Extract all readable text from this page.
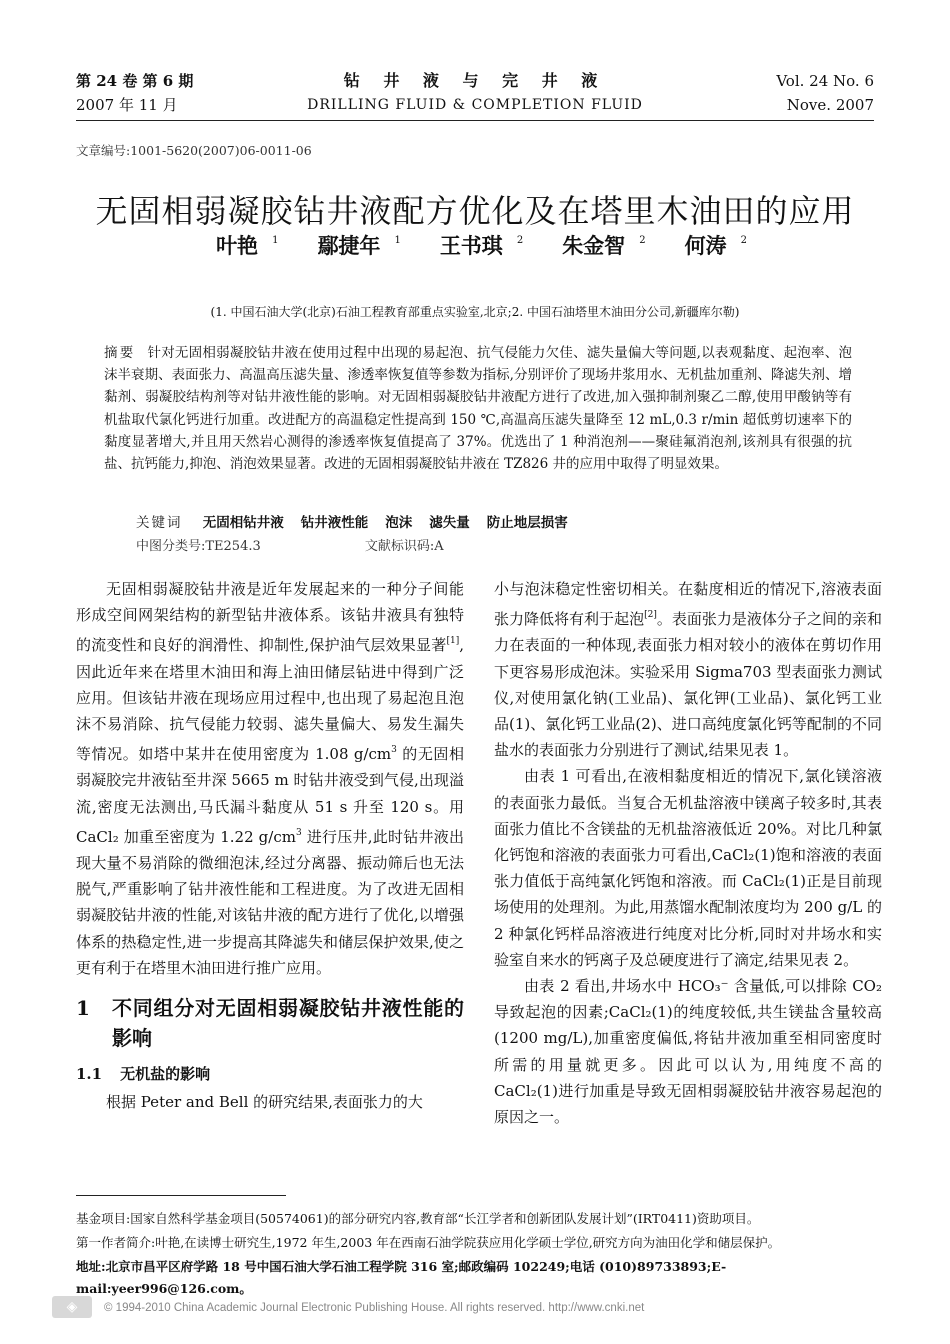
第 24 卷 第 6 期
2007 年 11 月
钻 井 液 与 完 井 液
DRILLING FLUID & COMPLETION FLUID
Vol. 24 No. 6
Nove. 2007
文章编号:1001-5620(2007)06-0011-06
无固相弱凝胶钻井液配方优化及在塔里木油田的应用
叶艳 $^1$ 鄢捷年 $^1$ 王书琪 $^2$ 朱金智 $^2$ 何涛 $^2$
(1. 中国石油大学(北京)石油工程教育部重点实验室,北京;2. 中国石油塔里木油田分公司,新疆库尔勒)
摘要 针对无固相弱凝胶钻井液在使用过程中出现的易起泡、抗气侵能力欠佳、滤失量偏大等问题,以表观黏度、起泡率、泡沫半衰期、表面张力、高温高压滤失量、渗透率恢复值等参数为指标,分别评价了现场井浆用水、无机盐加重剂、降滤失剂、增黏剂、弱凝胶结构剂等对钻井液性能的影响。对无固相弱凝胶钻井液配方进行了改进,加入强抑制剂聚乙二醇,使用甲酸钠等有机盐取代氯化钙进行加重。改进配方的高温稳定性提高到 150 ℃,高温高压滤失量降至 12 mL,0.3 r/min 超低剪切速率下的黏度显著增大,并且用天然岩心测得的渗透率恢复值提高了 37%。优选出了 1 种消泡剂——聚硅氟消泡剂,该剂具有很强的抗盐、抗钙能力,抑泡、消泡效果显著。改进的无固相弱凝胶钻井液在 TZ826 井的应用中取得了明显效果。
关键词 无固相钻井液 钻井液性能 泡沫 滤失量 防止地层损害
中图分类号:TE254.3	文献标识码:A

无固相弱凝胶钻井液是近年发展起来的一种分子间能形成空间网架结构的新型钻井液体系。该钻井液具有独特的流变性和良好的润滑性、抑制性,保护油气层效果显著[1],因此近年来在塔里木油田和海上油田储层钻进中得到广泛应用。但该钻井液在现场应用过程中,也出现了易起泡且泡沫不易消除、抗气侵能力较弱、滤失量偏大、易发生漏失等情况。如塔中某井在使用密度为 1.08 $g/cm^3$ 的无固相弱凝胶完井液钻至井深 5665 m 时钻井液受到气侵,出现溢流,密度无法测出,马氏漏斗黏度从 51 s 升至 120 s。用 CaCl₂ 加重至密度为 1.22 $g/cm^3$ 进行压井,此时钻井液出现大量不易消除的微细泡沫,经过分离器、振动筛后也无法脱气,严重影响了钻井液性能和工程进度。为了改进无固相弱凝胶钻井液的性能,对该钻井液的配方进行了优化,以增强体系的热稳定性,进一步提高其降滤失和储层保护效果,使之更有利于在塔里木油田进行推广应用。

1	不同组分对无固相弱凝胶钻井液性能的影响
1.1 无机盐的影响

根据 Peter and Bell 的研究结果,表面张力的大

小与泡沫稳定性密切相关。在黏度相近的情况下,溶液表面张力降低将有利于起泡[2]。表面张力是液体分子之间的亲和力在表面的一种体现,表面张力相对较小的液体在剪切作用下更容易形成泡沫。实验采用 Sigma703 型表面张力测试仪,对使用氯化钠(工业品)、氯化钾(工业品)、氯化钙工业品(1)、氯化钙工业品(2)、进口高纯度氯化钙等配制的不同盐水的表面张力分别进行了测试,结果见表 1。

由表 1 可看出,在液相黏度相近的情况下,氯化镁溶液的表面张力最低。当复合无机盐溶液中镁离子较多时,其表面张力值比不含镁盐的无机盐溶液低近 20%。对比几种氯化钙饱和溶液的表面张力可看出,CaCl₂(1)饱和溶液的表面张力值低于高纯氯化钙饱和溶液。而 CaCl₂(1)正是目前现场使用的处理剂。为此,用蒸馏水配制浓度均为 200 g/L 的 2 种氯化钙样品溶液进行纯度对比分析,同时对井场水和实验室自来水的钙离子及总硬度进行了滴定,结果见表 2。

由表 2 看出,井场水中 HCO₃⁻ 含量低,可以排除 CO₂ 导致起泡的因素;CaCl₂(1)的纯度较低,共生镁盐含量较高(1200 mg/L),加重密度偏低,将钻井液加重至相同密度时所需的用量就更多。因此可以认为,用纯度不高的 CaCl₂(1)进行加重是导致无固相弱凝胶钻井液容易起泡的原因之一。

基金项目:国家自然科学基金项目(50574061)的部分研究内容,教育部“长江学者和创新团队发展计划”(IRT0411)资助项目。
第一作者简介:叶艳,在读博士研究生,1972 年生,2003 年在西南石油学院获应用化学硕士学位,研究方向为油田化学和储层保护。
地址:北京市昌平区府学路 18 号中国石油大学石油工程学院 316 室;邮政编码 102249;电话 (010)89733893;E-mail:yeer996@126.com。
◈	© 1994-2010 China Academic Journal Electronic Publishing House. All rights reserved. http://www.cnki.net
